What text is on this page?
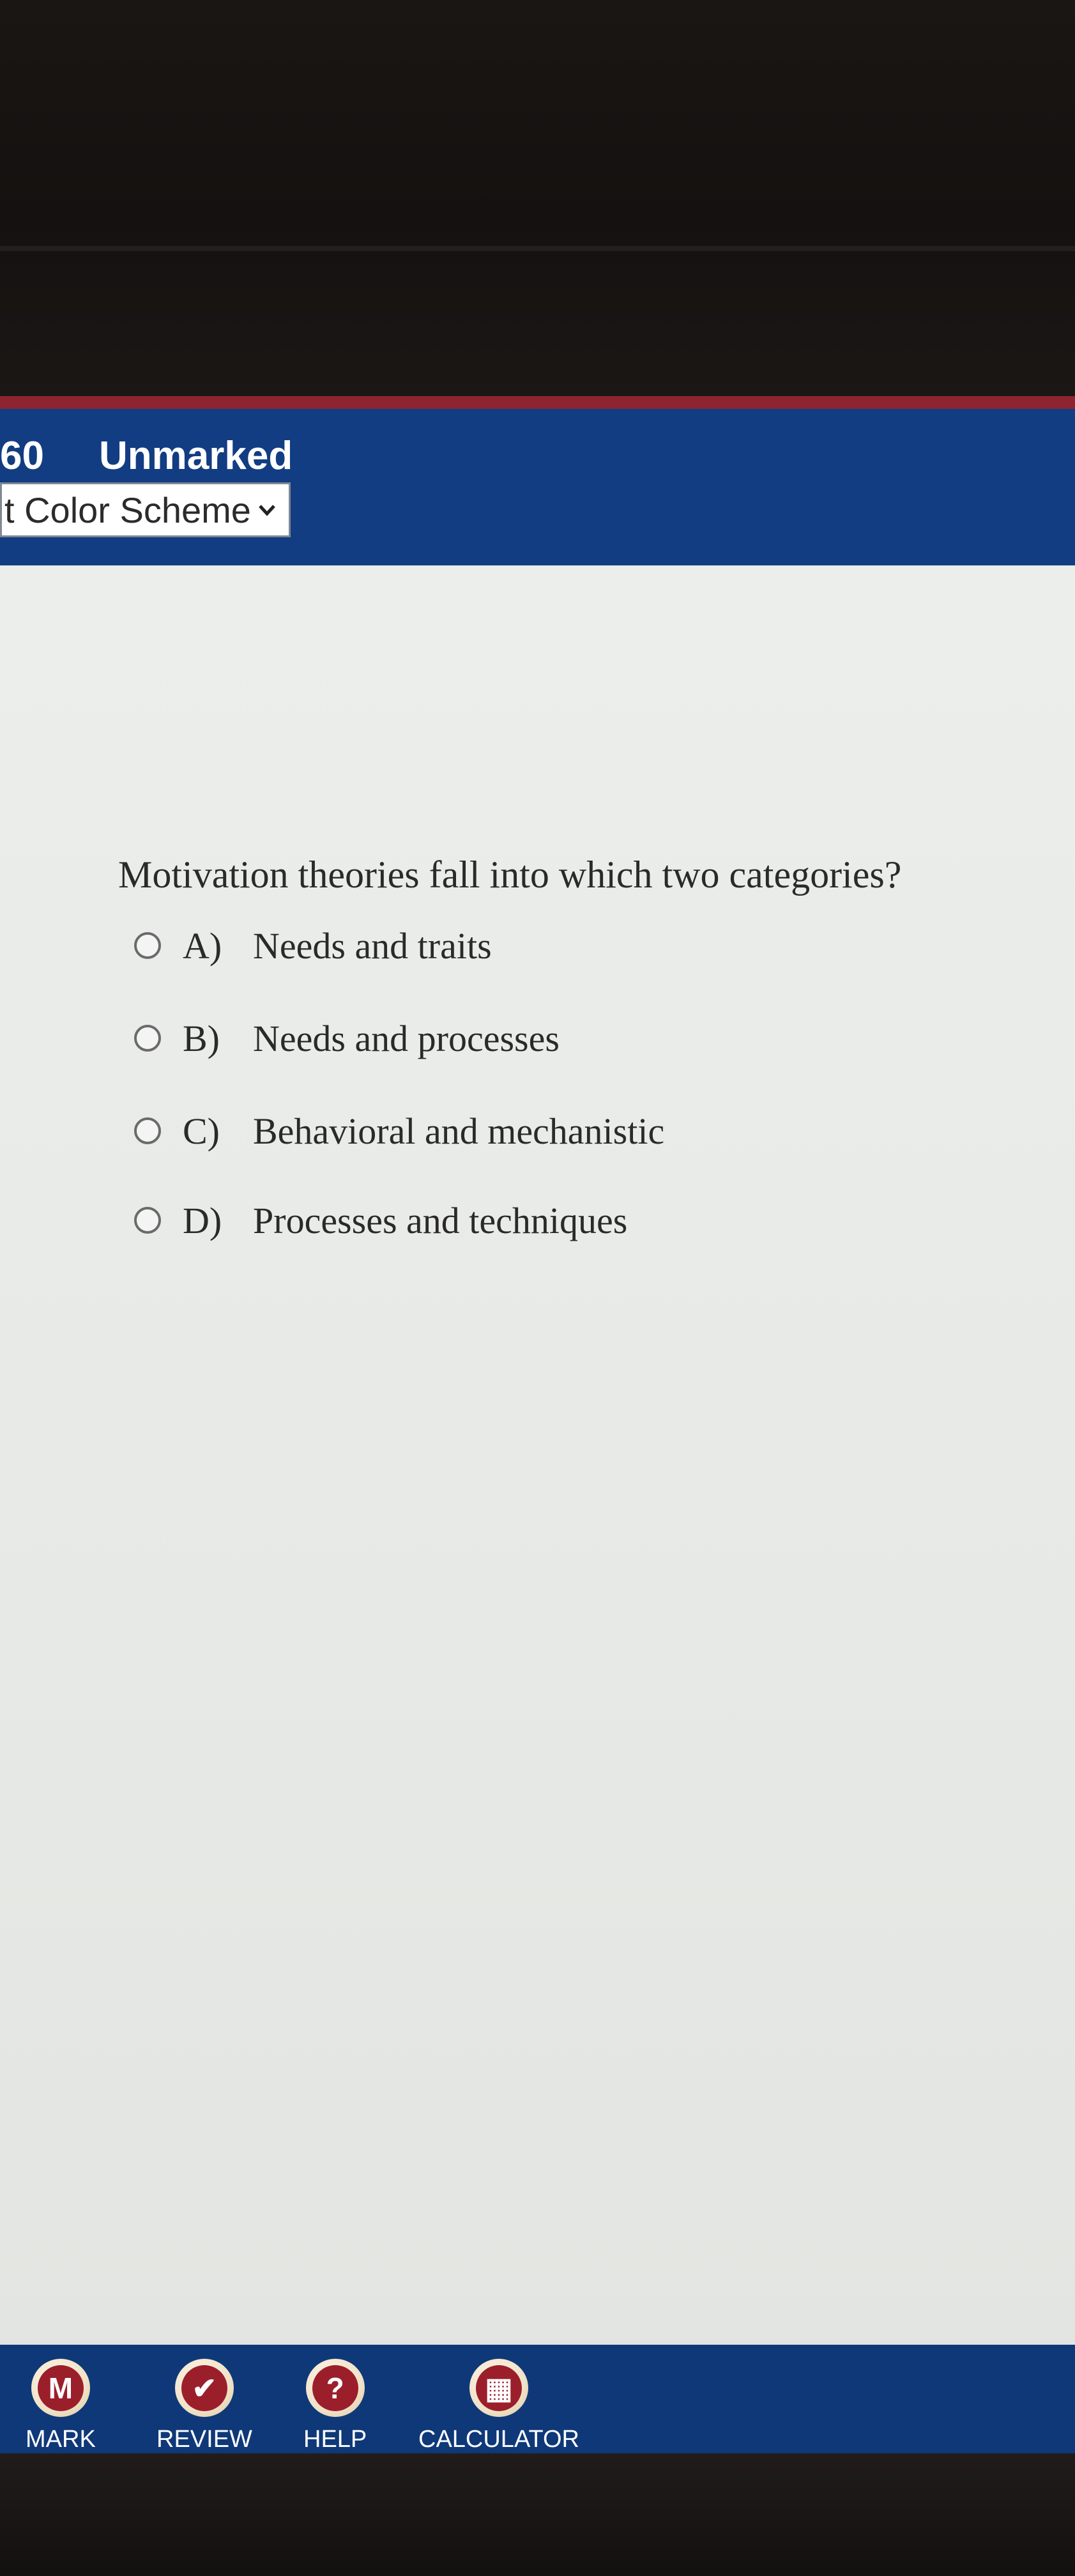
60 Unmarked
t Color Scheme
Motivation theories fall into which two categories?
A) Needs and traits
B) Needs and processes
C) Behavioral and mechanistic
D) Processes and techniques
M
MARK
✔
REVIEW
?
HELP
▦
CALCULATOR
